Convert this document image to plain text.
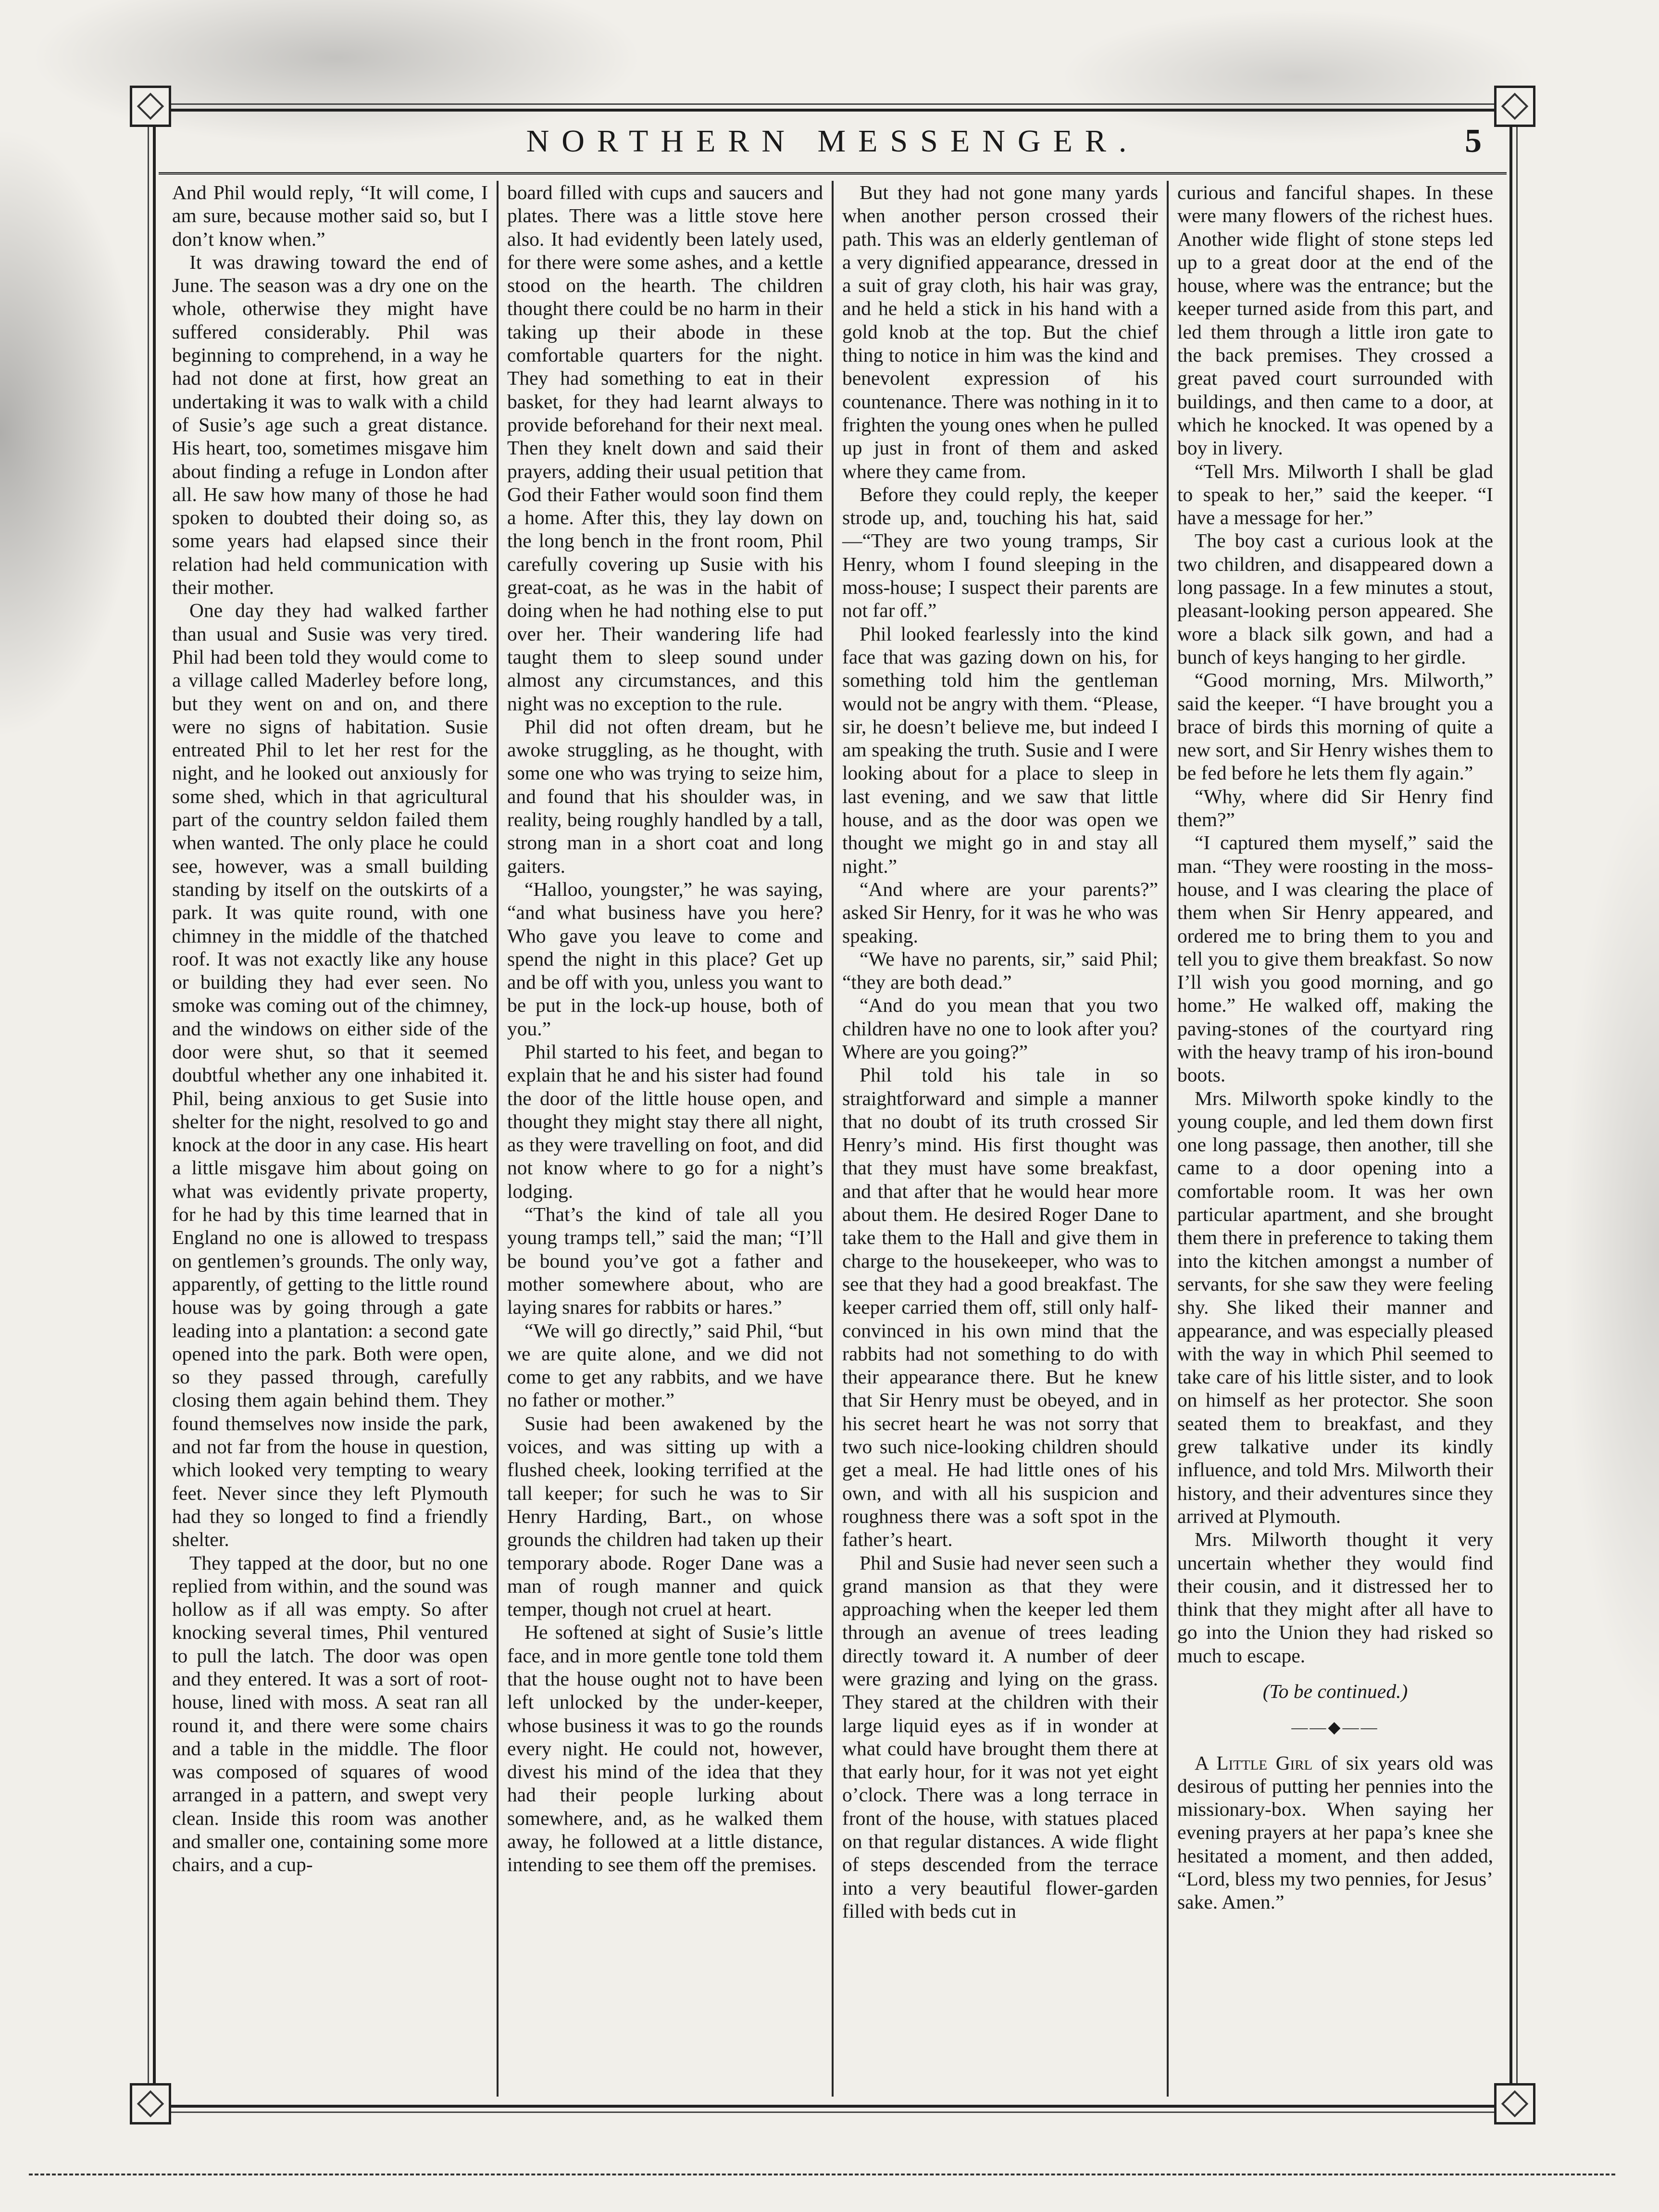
NORTHERN MESSENGER.	5

And Phil would reply, “It will come, I am sure, because mother said so, but I don’t know when.”

It was drawing toward the end of June. The season was a dry one on the whole, otherwise they might have suffered considerably. Phil was beginning to comprehend, in a way he had not done at first, how great an undertaking it was to walk with a child of Susie’s age such a great distance. His heart, too, sometimes misgave him about finding a refuge in London after all. He saw how many of those he had spoken to doubted their doing so, as some years had elapsed since their relation had held communication with their mother.

One day they had walked farther than usual and Susie was very tired. Phil had been told they would come to a village called Maderley before long, but they went on and on, and there were no signs of habitation. Susie entreated Phil to let her rest for the night, and he looked out anxiously for some shed, which in that agricultural part of the country seldon failed them when wanted. The only place he could see, however, was a small building standing by itself on the outskirts of a park. It was quite round, with one chimney in the middle of the thatched roof. It was not exactly like any house or building they had ever seen. No smoke was coming out of the chimney, and the windows on either side of the door were shut, so that it seemed doubtful whether any one inhabited it. Phil, being anxious to get Susie into shelter for the night, resolved to go and knock at the door in any case. His heart a little misgave him about going on what was evidently private property, for he had by this time learned that in England no one is allowed to trespass on gentlemen’s grounds. The only way, apparently, of getting to the little round house was by going through a gate leading into a plantation: a second gate opened into the park. Both were open, so they passed through, carefully closing them again behind them. They found themselves now inside the park, and not far from the house in question, which looked very tempting to weary feet. Never since they left Plymouth had they so longed to find a friendly shelter.

They tapped at the door, but no one replied from within, and the sound was hollow as if all was empty. So after knocking several times, Phil ventured to pull the latch. The door was open and they entered. It was a sort of root-house, lined with moss. A seat ran all round it, and there were some chairs and a table in the middle. The floor was composed of squares of wood arranged in a pattern, and swept very clean. Inside this room was another and smaller one, containing some more chairs, and a cup-

board filled with cups and saucers and plates. There was a little stove here also. It had evidently been lately used, for there were some ashes, and a kettle stood on the hearth. The children thought there could be no harm in their taking up their abode in these comfortable quarters for the night. They had something to eat in their basket, for they had learnt always to provide beforehand for their next meal. Then they knelt down and said their prayers, adding their usual petition that God their Father would soon find them a home. After this, they lay down on the long bench in the front room, Phil carefully covering up Susie with his great-coat, as he was in the habit of doing when he had nothing else to put over her. Their wandering life had taught them to sleep sound under almost any circumstances, and this night was no exception to the rule.

Phil did not often dream, but he awoke struggling, as he thought, with some one who was trying to seize him, and found that his shoulder was, in reality, being roughly handled by a tall, strong man in a short coat and long gaiters.

“Halloo, youngster,” he was saying, “and what business have you here? Who gave you leave to come and spend the night in this place? Get up and be off with you, unless you want to be put in the lock-up house, both of you.”

Phil started to his feet, and began to explain that he and his sister had found the door of the little house open, and thought they might stay there all night, as they were travelling on foot, and did not know where to go for a night’s lodging.

“That’s the kind of tale all you young tramps tell,” said the man; “I’ll be bound you’ve got a father and mother somewhere about, who are laying snares for rabbits or hares.”

“We will go directly,” said Phil, “but we are quite alone, and we did not come to get any rabbits, and we have no father or mother.”

Susie had been awakened by the voices, and was sitting up with a flushed cheek, looking terrified at the tall keeper; for such he was to Sir Henry Harding, Bart., on whose grounds the children had taken up their temporary abode. Roger Dane was a man of rough manner and quick temper, though not cruel at heart.

He softened at sight of Susie’s little face, and in more gentle tone told them that the house ought not to have been left unlocked by the under-keeper, whose business it was to go the rounds every night. He could not, however, divest his mind of the idea that they had their people lurking about somewhere, and, as he walked them away, he followed at a little distance, intending to see them off the premises.

But they had not gone many yards when another person crossed their path. This was an elderly gentleman of a very dignified appearance, dressed in a suit of gray cloth, his hair was gray, and he held a stick in his hand with a gold knob at the top. But the chief thing to notice in him was the kind and benevolent expression of his countenance. There was nothing in it to frighten the young ones when he pulled up just in front of them and asked where they came from.

Before they could reply, the keeper strode up, and, touching his hat, said—“They are two young tramps, Sir Henry, whom I found sleeping in the moss-house; I suspect their parents are not far off.”

Phil looked fearlessly into the kind face that was gazing down on his, for something told him the gentleman would not be angry with them. “Please, sir, he doesn’t believe me, but indeed I am speaking the truth. Susie and I were looking about for a place to sleep in last evening, and we saw that little house, and as the door was open we thought we might go in and stay all night.”

“And where are your parents?” asked Sir Henry, for it was he who was speaking.

“We have no parents, sir,” said Phil; “they are both dead.”

“And do you mean that you two children have no one to look after you? Where are you going?”

Phil told his tale in so straightforward and simple a manner that no doubt of its truth crossed Sir Henry’s mind. His first thought was that they must have some breakfast, and that after that he would hear more about them. He desired Roger Dane to take them to the Hall and give them in charge to the housekeeper, who was to see that they had a good breakfast. The keeper carried them off, still only half-convinced in his own mind that the rabbits had not something to do with their appearance there. But he knew that Sir Henry must be obeyed, and in his secret heart he was not sorry that two such nice-looking children should get a meal. He had little ones of his own, and with all his suspicion and roughness there was a soft spot in the father’s heart.

Phil and Susie had never seen such a grand mansion as that they were approaching when the keeper led them through an avenue of trees leading directly toward it. A number of deer were grazing and lying on the grass. They stared at the children with their large liquid eyes as if in wonder at what could have brought them there at that early hour, for it was not yet eight o’clock. There was a long terrace in front of the house, with statues placed on that regular distances. A wide flight of steps descended from the terrace into a very beautiful flower-garden filled with beds cut in

curious and fanciful shapes. In these were many flowers of the richest hues. Another wide flight of stone steps led up to a great door at the end of the house, where was the entrance; but the keeper turned aside from this part, and led them through a little iron gate to the back premises. They crossed a great paved court surrounded with buildings, and then came to a door, at which he knocked. It was opened by a boy in livery.

“Tell Mrs. Milworth I shall be glad to speak to her,” said the keeper. “I have a message for her.”

The boy cast a curious look at the two children, and disappeared down a long passage. In a few minutes a stout, pleasant-looking person appeared. She wore a black silk gown, and had a bunch of keys hanging to her girdle.

“Good morning, Mrs. Milworth,” said the keeper. “I have brought you a brace of birds this morning of quite a new sort, and Sir Henry wishes them to be fed before he lets them fly again.”

“Why, where did Sir Henry find them?”

“I captured them myself,” said the man. “They were roosting in the moss-house, and I was clearing the place of them when Sir Henry appeared, and ordered me to bring them to you and tell you to give them breakfast. So now I’ll wish you good morning, and go home.” He walked off, making the paving-stones of the courtyard ring with the heavy tramp of his iron-bound boots.

Mrs. Milworth spoke kindly to the young couple, and led them down first one long passage, then another, till she came to a door opening into a comfortable room. It was her own particular apartment, and she brought them there in preference to taking them into the kitchen amongst a number of servants, for she saw they were feeling shy. She liked their manner and appearance, and was especially pleased with the way in which Phil seemed to take care of his little sister, and to look on himself as her protector. She soon seated them to breakfast, and they grew talkative under its kindly influence, and told Mrs. Milworth their history, and their adventures since they arrived at Plymouth.

Mrs. Milworth thought it very uncertain whether they would find their cousin, and it distressed her to think that they might after all have to go into the Union they had risked so much to escape.

(To be continued.)

——◆——

A Little Girl of six years old was desirous of putting her pennies into the missionary-box. When saying her evening prayers at her papa’s knee she hesitated a moment, and then added, “Lord, bless my two pennies, for Jesus’ sake. Amen.”
